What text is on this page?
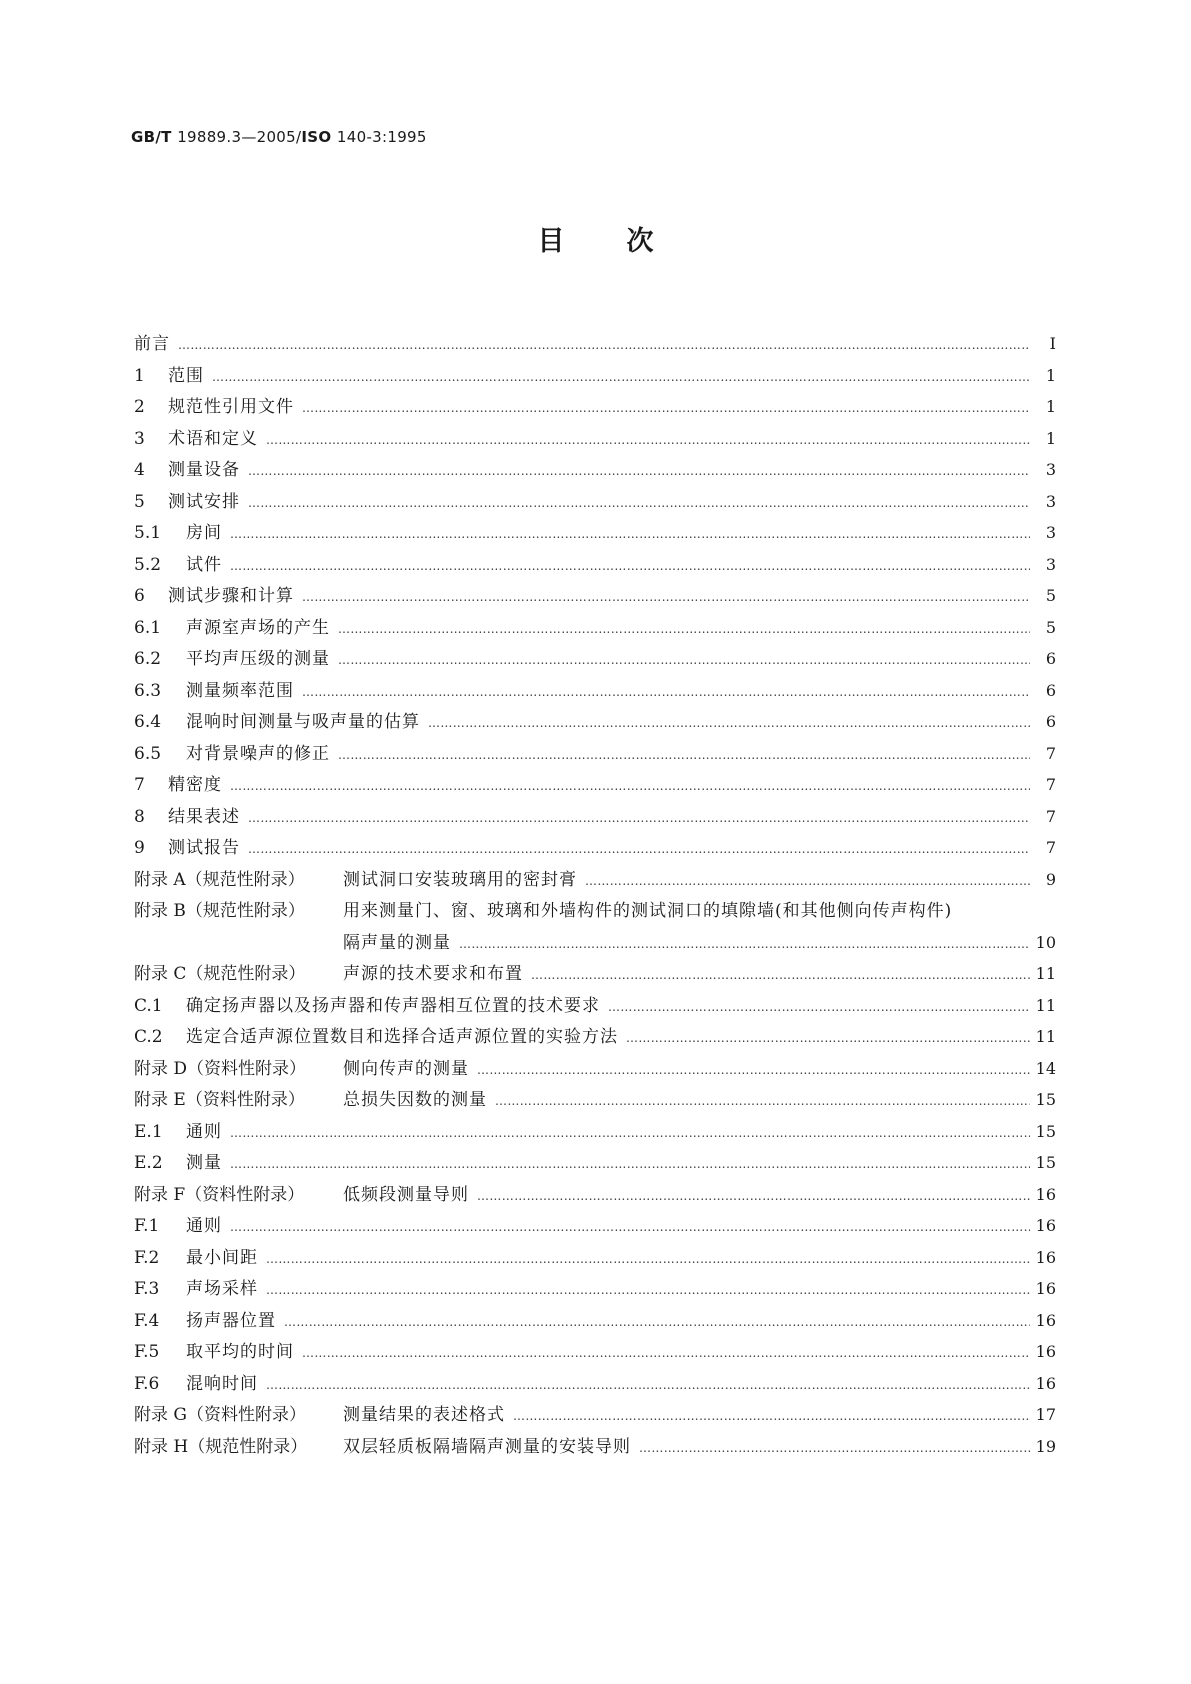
GB/T 19889.3—2005/ISO 140-3:1995
目次
前言 …………………………………………………………………………………………………………………………………………………………………………………………………………	I
1	范围 …………………………………………………………………………………………………………………………………………………………………………………………………………	1
2	规范性引用文件 …………………………………………………………………………………………………………………………………………………………………………………………………………	1
3	术语和定义 …………………………………………………………………………………………………………………………………………………………………………………………………………	1
4	测量设备 …………………………………………………………………………………………………………………………………………………………………………………………………………	3
5	测试安排 …………………………………………………………………………………………………………………………………………………………………………………………………………	3
5.1	房间 …………………………………………………………………………………………………………………………………………………………………………………………………………	3
5.2	试件 …………………………………………………………………………………………………………………………………………………………………………………………………………	3
6	测试步骤和计算 …………………………………………………………………………………………………………………………………………………………………………………………………………	5
6.1	声源室声场的产生 …………………………………………………………………………………………………………………………………………………………………………………………………………	5
6.2	平均声压级的测量 …………………………………………………………………………………………………………………………………………………………………………………………………………	6
6.3	测量频率范围 …………………………………………………………………………………………………………………………………………………………………………………………………………	6
6.4	混响时间测量与吸声量的估算 …………………………………………………………………………………………………………………………………………………………………………………………………………	6
6.5	对背景噪声的修正 …………………………………………………………………………………………………………………………………………………………………………………………………………	7
7	精密度 …………………………………………………………………………………………………………………………………………………………………………………………………………	7
8	结果表述 …………………………………………………………………………………………………………………………………………………………………………………………………………	7
9	测试报告 …………………………………………………………………………………………………………………………………………………………………………………………………………	7
附录 A（规范性附录）	测试洞口安装玻璃用的密封膏 …………………………………………………………………………………………………………………………………………………………………………………………………………	9
附录 B（规范性附录）	用来测量门、窗、玻璃和外墙构件的测试洞口的填隙墙(和其他侧向传声构件)
隔声量的测量 …………………………………………………………………………………………………………………………………………………………………………………………………………	10
附录 C（规范性附录）	声源的技术要求和布置 …………………………………………………………………………………………………………………………………………………………………………………………………………	11
C.1	确定扬声器以及扬声器和传声器相互位置的技术要求 …………………………………………………………………………………………………………………………………………………………………………………………………………	11
C.2	选定合适声源位置数目和选择合适声源位置的实验方法 …………………………………………………………………………………………………………………………………………………………………………………………………………	11
附录 D（资料性附录）	侧向传声的测量 …………………………………………………………………………………………………………………………………………………………………………………………………………	14
附录 E（资料性附录）	总损失因数的测量 …………………………………………………………………………………………………………………………………………………………………………………………………………	15
E.1	通则 …………………………………………………………………………………………………………………………………………………………………………………………………………	15
E.2	测量 …………………………………………………………………………………………………………………………………………………………………………………………………………	15
附录 F（资料性附录）	低频段测量导则 …………………………………………………………………………………………………………………………………………………………………………………………………………	16
F.1	通则 …………………………………………………………………………………………………………………………………………………………………………………………………………	16
F.2	最小间距 …………………………………………………………………………………………………………………………………………………………………………………………………………	16
F.3	声场采样 …………………………………………………………………………………………………………………………………………………………………………………………………………	16
F.4	扬声器位置 …………………………………………………………………………………………………………………………………………………………………………………………………………	16
F.5	取平均的时间 …………………………………………………………………………………………………………………………………………………………………………………………………………	16
F.6	混响时间 …………………………………………………………………………………………………………………………………………………………………………………………………………	16
附录 G（资料性附录）	测量结果的表述格式 …………………………………………………………………………………………………………………………………………………………………………………………………………	17
附录 H（规范性附录）	双层轻质板隔墙隔声测量的安装导则 …………………………………………………………………………………………………………………………………………………………………………………………………………	19
